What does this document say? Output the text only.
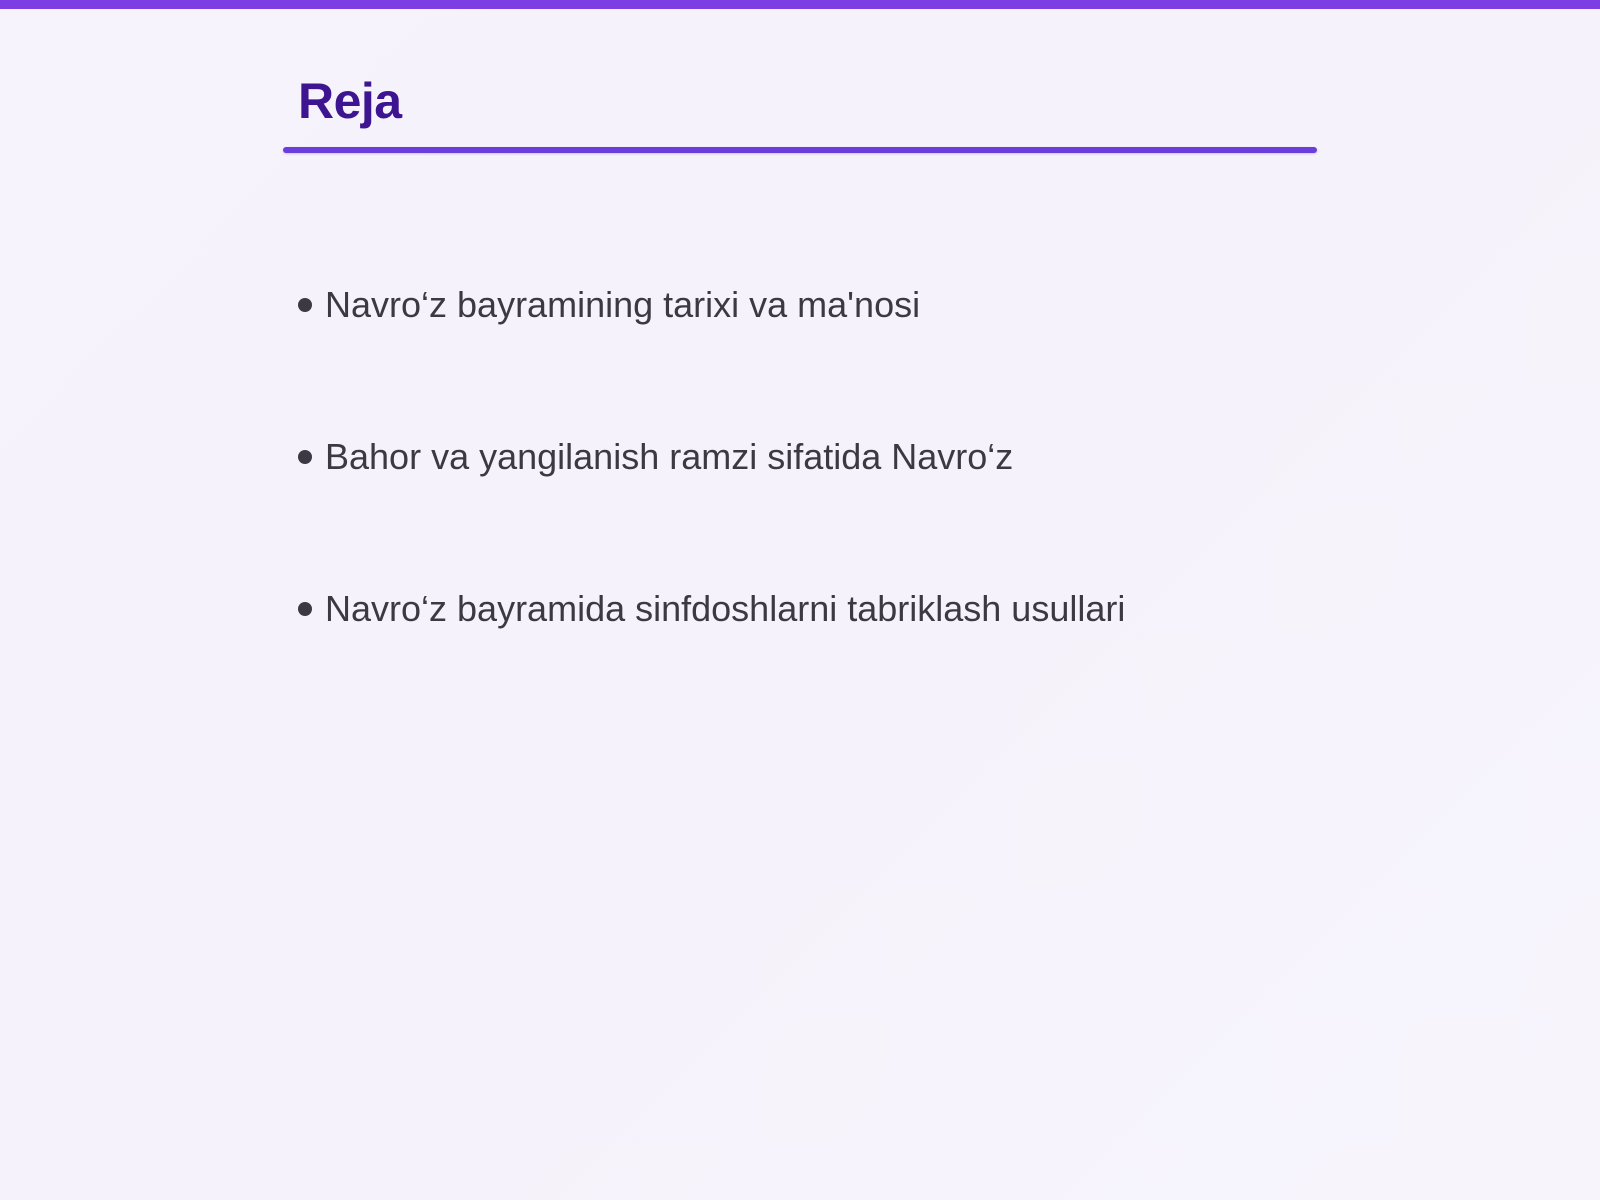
Reja
Navro‘z bayramining tarixi va ma'nosi
Bahor va yangilanish ramzi sifatida Navro‘z
Navro‘z bayramida sinfdoshlarni tabriklash usullari
